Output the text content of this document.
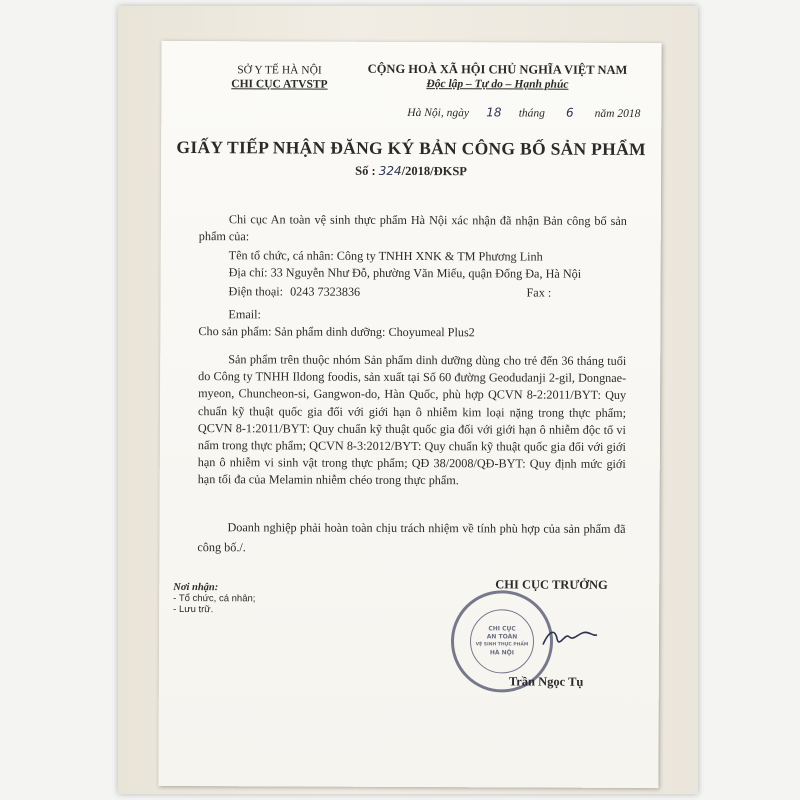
SỞ Y TẾ HÀ NỘI
CHI CỤC ATVSTP
CỘNG HOÀ XÃ HỘI CHỦ NGHĨA VIỆT NAM
Độc lập – Tự do – Hạnh phúc
Hà Nội, ngày 18 tháng 6 năm 2018
GIẤY TIẾP NHẬN ĐĂNG KÝ BẢN CÔNG BỐ SẢN PHẨM
Số : 324/2018/ĐKSP
Chi cục An toàn vệ sinh thực phẩm Hà Nội xác nhận đã nhận Bản công bố sản phẩm của:
Tên tổ chức, cá nhân: Công ty TNHH XNK & TM Phương Linh
Địa chỉ: 33 Nguyễn Như Đỗ, phường Văn Miếu, quận Đống Đa, Hà Nội
Điện thoại: 0243 7323836	Fax :
Email:
Cho sản phẩm: Sản phẩm dinh dưỡng: Choyumeal Plus2
Sản phẩm trên thuộc nhóm Sản phẩm dinh dưỡng dùng cho trẻ đến 36 tháng tuổi do Công ty TNHH Ildong foodis, sản xuất tại Số 60 đường Geodudanji 2-gil, Dongnae-myeon, Chuncheon-si, Gangwon-do, Hàn Quốc, phù hợp QCVN 8-2:2011/BYT: Quy chuẩn kỹ thuật quốc gia đối với giới hạn ô nhiễm kim loại nặng trong thực phẩm; QCVN 8-1:2011/BYT: Quy chuẩn kỹ thuật quốc gia đối với giới hạn ô nhiễm độc tố vi nấm trong thực phẩm; QCVN 8-3:2012/BYT: Quy chuẩn kỹ thuật quốc gia đối với giới hạn ô nhiễm vi sinh vật trong thực phẩm; QĐ 38/2008/QĐ-BYT: Quy định mức giới hạn tối đa của Melamin nhiễm chéo trong thực phẩm.
Doanh nghiệp phải hoàn toàn chịu trách nhiệm về tính phù hợp của sản phẩm đã công bố./.
Nơi nhận:
- Tổ chức, cá nhân;
- Lưu trữ.
CHI CỤC TRƯỞNG
CHI CỤC
AN TOÀN
VỆ SINH THỰC PHẨM
HÀ NỘI
Trần Ngọc Tụ
